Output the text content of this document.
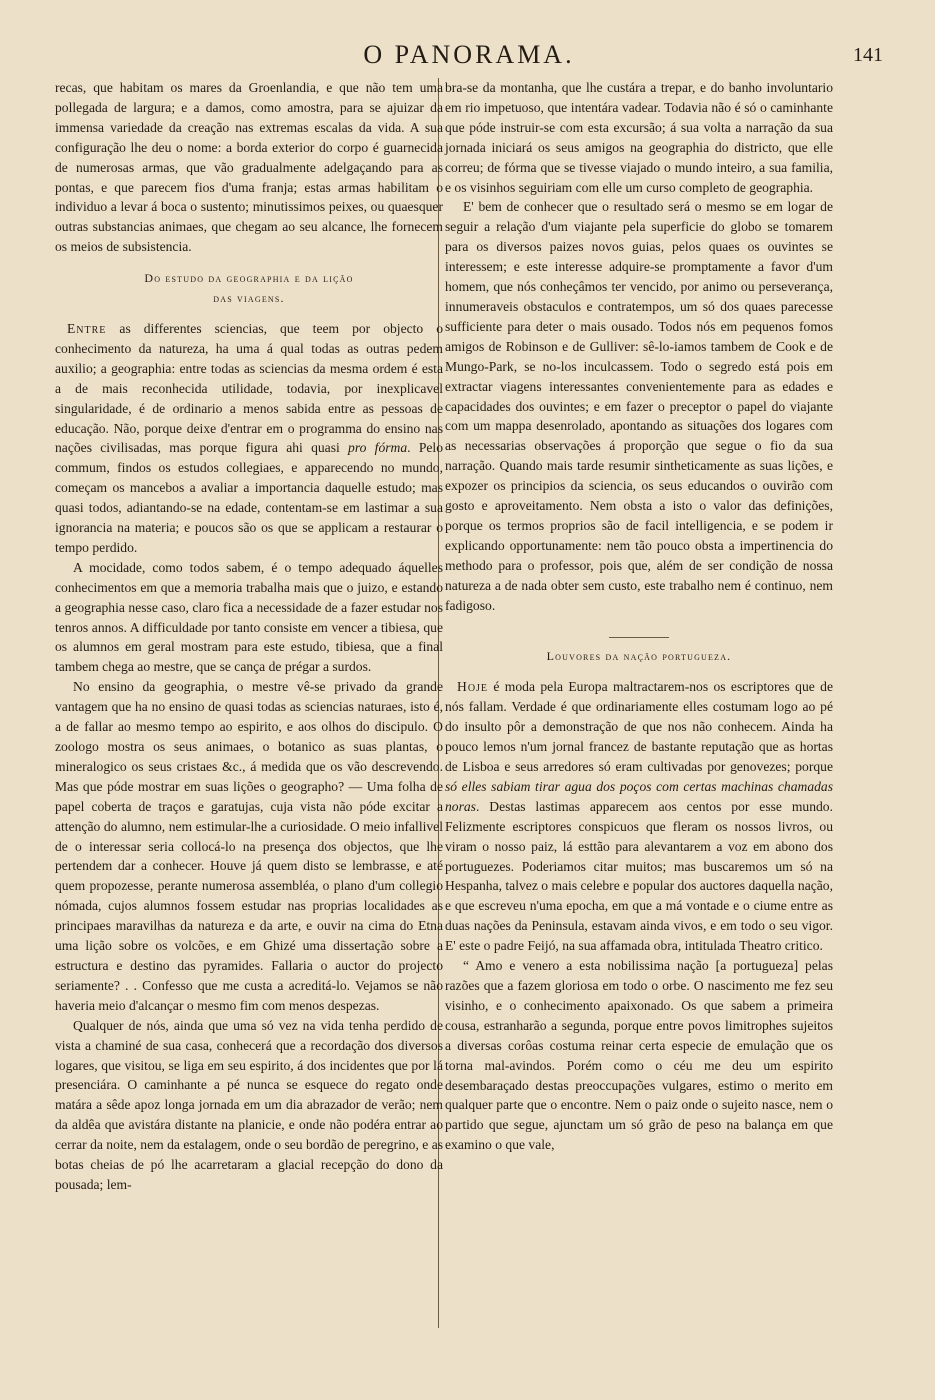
O PANORAMA.	141

recas, que habitam os mares da Groenlandia, e que não tem uma pollegada de largura; e a damos, como amostra, para se ajuizar da immensa variedade da creação nas extremas escalas da vida. A sua configuração lhe deu o nome: a borda exterior do corpo é guarnecida de numerosas armas, que vão gradualmente adelgaçando para as pontas, e que parecem fios d'uma franja; estas armas habilitam o individuo a levar á boca o sustento; minutissimos peixes, ou quaesquer outras substancias animaes, que chegam ao seu alcance, lhe fornecem os meios de subsistencia.

Do estudo da geographia e da lição
das viagens.

Entre as differentes sciencias, que teem por objecto o conhecimento da natureza, ha uma á qual todas as outras pedem auxilio; a geographia: entre todas as sciencias da mesma ordem é esta a de mais reconhecida utilidade, todavia, por inexplicavel singularidade, é de ordinario a menos sabida entre as pessoas de educação. Não, porque deixe d'entrar em o programma do ensino nas nações civilisadas, mas porque figura ahi quasi pro fórma. Pelo commum, findos os estudos collegiaes, e apparecendo no mundo, começam os mancebos a avaliar a importancia daquelle estudo; mas quasi todos, adiantando-se na edade, contentam-se em lastimar a sua ignorancia na materia; e poucos são os que se applicam a restaurar o tempo perdido.

A mocidade, como todos sabem, é o tempo adequado áquelles conhecimentos em que a memoria trabalha mais que o juizo, e estando a geographia nesse caso, claro fica a necessidade de a fazer estudar nos tenros annos. A difficuldade por tanto consiste em vencer a tibiesa, que os alumnos em geral mostram para este estudo, tibiesa, que a final tambem chega ao mestre, que se cança de prégar a surdos.

No ensino da geographia, o mestre vê-se privado da grande vantagem que ha no ensino de quasi todas as sciencias naturaes, isto é, a de fallar ao mesmo tempo ao espirito, e aos olhos do discipulo. O zoologo mostra os seus animaes, o botanico as suas plantas, o mineralogico os seus cristaes &c., á medida que os vão descrevendo. Mas que póde mostrar em suas lições o geographo? — Uma folha de papel coberta de traços e garatujas, cuja vista não póde excitar a attenção do alumno, nem estimular-lhe a curiosidade. O meio infallivel de o interessar seria collocá-lo na presença dos objectos, que lhe pertendem dar a conhecer. Houve já quem disto se lembrasse, e até quem propozesse, perante numerosa assembléa, o plano d'um collegio nómada, cujos alumnos fossem estudar nas proprias localidades as principaes maravilhas da natureza e da arte, e ouvir na cima do Etna uma lição sobre os volcões, e em Ghizé uma dissertação sobre a estructura e destino das pyramides. Fallaria o auctor do projecto seriamente? . . Confesso que me custa a acreditá-lo. Vejamos se não haveria meio d'alcançar o mesmo fim com menos despezas.

Qualquer de nós, ainda que uma só vez na vida tenha perdido de vista a chaminé de sua casa, conhecerá que a recordação dos diversos logares, que visitou, se liga em seu espirito, á dos incidentes que por lá presenciára. O caminhante a pé nunca se esquece do regato onde matára a sêde apoz longa jornada em um dia abrazador de verão; nem da aldêa que avistára distante na planicie, e onde não podéra entrar ao cerrar da noite, nem da estalagem, onde o seu bordão de peregrino, e as botas cheias de pó lhe acarretaram a glacial recepção do dono da pousada; lem-

bra-se da montanha, que lhe custára a trepar, e do banho involuntario em rio impetuoso, que intentára vadear. Todavia não é só o caminhante que póde instruir-se com esta excursão; á sua volta a narração da sua jornada iniciará os seus amigos na geographia do districto, que elle correu; de fórma que se tivesse viajado o mundo inteiro, a sua familia, e os visinhos seguiriam com elle um curso completo de geographia.

E' bem de conhecer que o resultado será o mesmo se em logar de seguir a relação d'um viajante pela superficie do globo se tomarem para os diversos paizes novos guias, pelos quaes os ouvintes se interessem; e este interesse adquire-se promptamente a favor d'um homem, que nós conheçâmos ter vencido, por animo ou perseverança, innumeraveis obstaculos e contratempos, um só dos quaes parecesse sufficiente para deter o mais ousado. Todos nós em pequenos fomos amigos de Robinson e de Gulliver: sê-lo-iamos tambem de Cook e de Mungo-Park, se no-los inculcassem. Todo o segredo está pois em extractar viagens interessantes convenientemente para as edades e capacidades dos ouvintes; e em fazer o preceptor o papel do viajante com um mappa desenrolado, apontando as situações dos logares com as necessarias observações á proporção que segue o fio da sua narração. Quando mais tarde resumir sintheticamente as suas lições, e expozer os principios da sciencia, os seus educandos o ouvirão com gosto e aproveitamento. Nem obsta a isto o valor das definições, porque os termos proprios são de facil intelligencia, e se podem ir explicando opportunamente: nem tão pouco obsta a impertinencia do methodo para o professor, pois que, além de ser condição de nossa natureza a de nada obter sem custo, este trabalho nem é continuo, nem fadigoso.

Louvores da nação portugueza.

Hoje é moda pela Europa maltractarem-nos os escriptores que de nós fallam. Verdade é que ordinariamente elles costumam logo ao pé do insulto pôr a demonstração de que nos não conhecem. Ainda ha pouco lemos n'um jornal francez de bastante reputação que as hortas de Lisboa e seus arredores só eram cultivadas por genovezes; porque só elles sabiam tirar agua dos poços com certas machinas chamadas noras. Destas lastimas apparecem aos centos por esse mundo. Felizmente escriptores conspicuos que fleram os nossos livros, ou viram o nosso paiz, lá esttão para alevantarem a voz em abono dos portuguezes. Poderiamos citar muitos; mas buscaremos um só na Hespanha, talvez o mais celebre e popular dos auctores daquella nação, e que escreveu n'uma epocha, em que a má vontade e o ciume entre as duas nações da Peninsula, estavam ainda vivos, e em todo o seu vigor. E' este o padre Feijó, na sua affamada obra, intitulada Theatro critico.

“ Amo e venero a esta nobilissima nação [a portugueza] pelas razões que a fazem gloriosa em todo o orbe. O nascimento me fez seu visinho, e o conhecimento apaixonado. Os que sabem a primeira cousa, estranharão a segunda, porque entre povos limitrophes sujeitos a diversas corôas costuma reinar certa especie de emulação que os torna mal-avindos. Porém como o céu me deu um espirito desembaraçado destas preoccupações vulgares, estimo o merito em qualquer parte que o encontre. Nem o paiz onde o sujeito nasce, nem o partido que segue, ajunctam um só grão de peso na balança em que examino o que vale,
